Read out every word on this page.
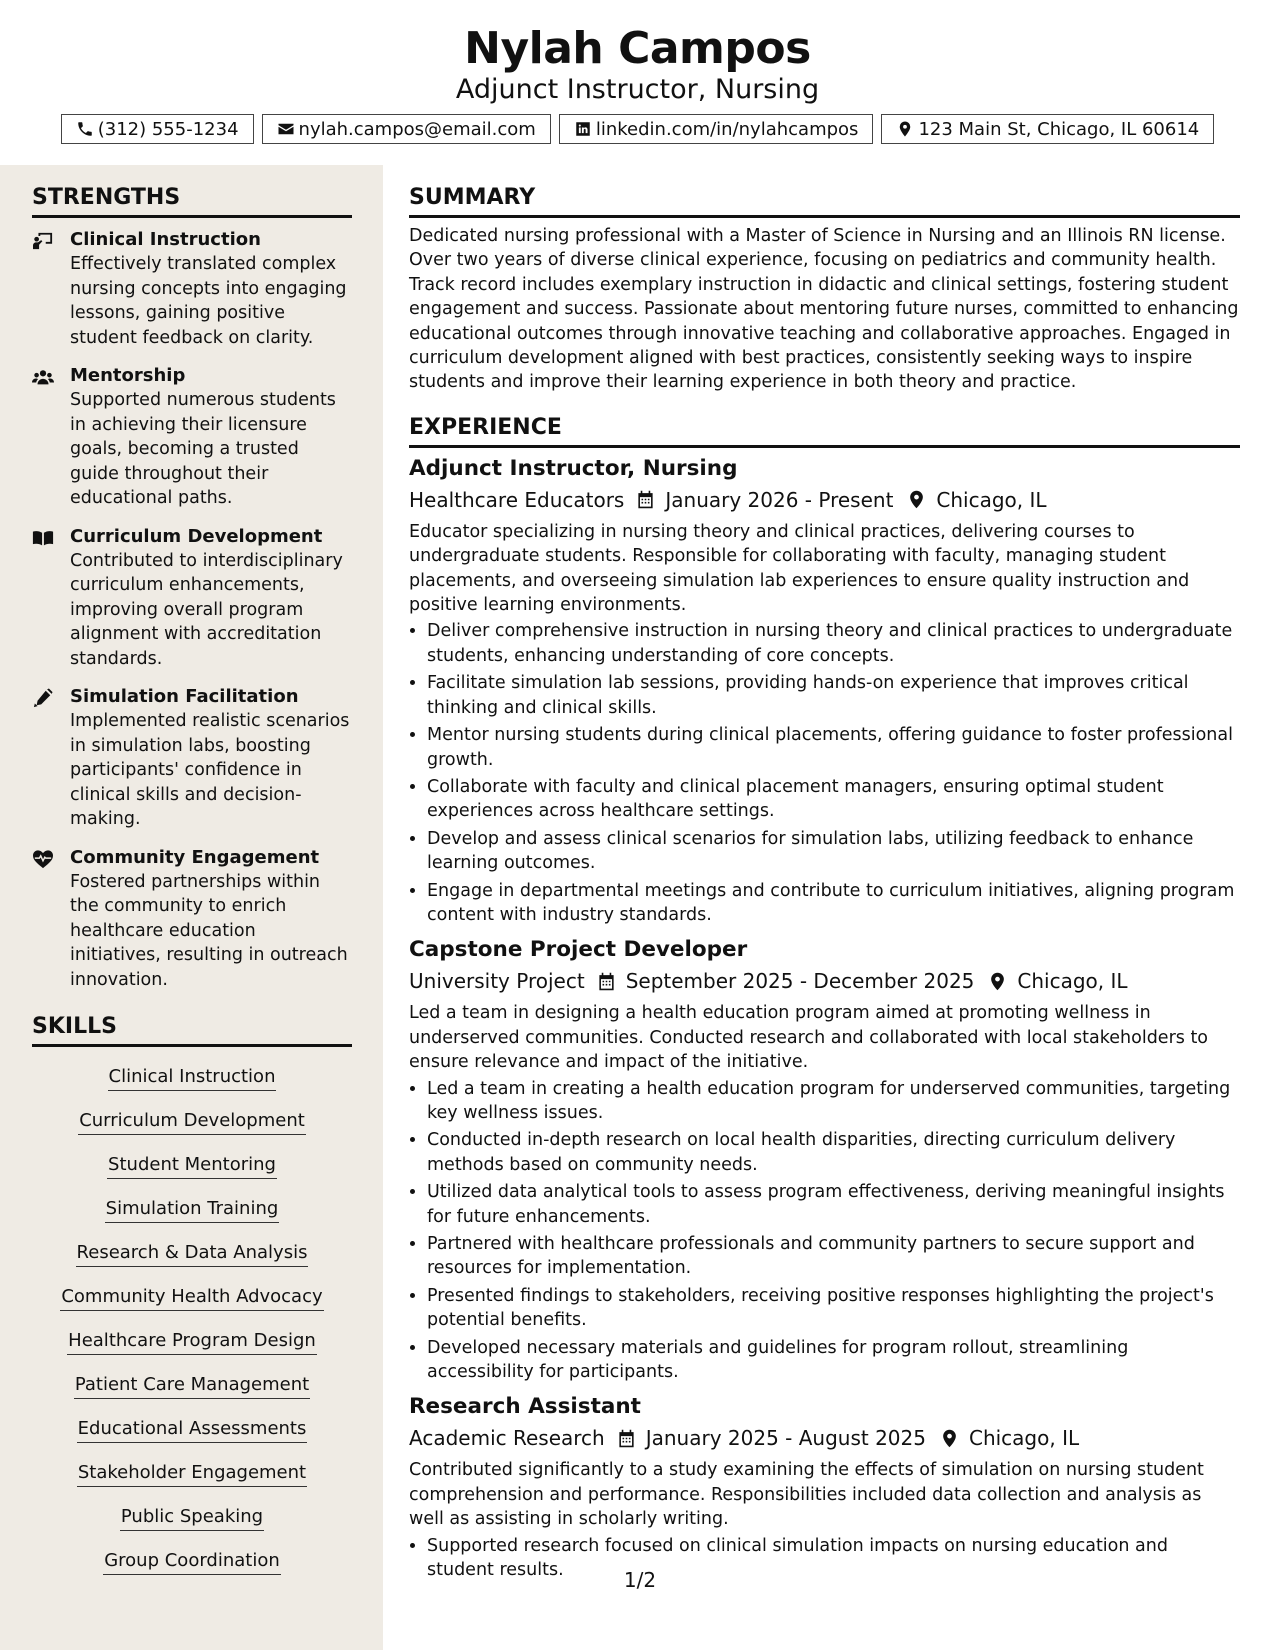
Nylah Campos
Adjunct Instructor, Nursing
(312) 555-1234	nylah.campos@email.com	linkedin.com/in/nylahcampos	123 Main St, Chicago, IL 60614
STRENGTHS
Clinical Instruction
Effectively translated complex nursing concepts into engaging lessons, gaining positive student feedback on clarity.
Mentorship
Supported numerous students in achieving their licensure goals, becoming a trusted guide throughout their educational paths.
Curriculum Development
Contributed to interdisciplinary curriculum enhancements, improving overall program alignment with accreditation standards.
Simulation Facilitation
Implemented realistic scenarios in simulation labs, boosting participants' confidence in clinical skills and decision-making.
Community Engagement
Fostered partnerships within the community to enrich healthcare education initiatives, resulting in outreach innovation.
SKILLS
Clinical Instruction
Curriculum Development
Student Mentoring
Simulation Training
Research & Data Analysis
Community Health Advocacy
Healthcare Program Design
Patient Care Management
Educational Assessments
Stakeholder Engagement
Public Speaking
Group Coordination
SUMMARY
Dedicated nursing professional with a Master of Science in Nursing and an Illinois RN license. Over two years of diverse clinical experience, focusing on pediatrics and community health. Track record includes exemplary instruction in didactic and clinical settings, fostering student engagement and success. Passionate about mentoring future nurses, committed to enhancing educational outcomes through innovative teaching and collaborative approaches. Engaged in curriculum development aligned with best practices, consistently seeking ways to inspire students and improve their learning experience in both theory and practice.
EXPERIENCE
Adjunct Instructor, Nursing
Healthcare Educators January 2026 - Present Chicago, IL
Educator specializing in nursing theory and clinical practices, delivering courses to undergraduate students. Responsible for collaborating with faculty, managing student placements, and overseeing simulation lab experiences to ensure quality instruction and positive learning environments.
• Deliver comprehensive instruction in nursing theory and clinical practices to undergraduate students, enhancing understanding of core concepts.
• Facilitate simulation lab sessions, providing hands-on experience that improves critical thinking and clinical skills.
• Mentor nursing students during clinical placements, offering guidance to foster professional growth.
• Collaborate with faculty and clinical placement managers, ensuring optimal student experiences across healthcare settings.
• Develop and assess clinical scenarios for simulation labs, utilizing feedback to enhance learning outcomes.
• Engage in departmental meetings and contribute to curriculum initiatives, aligning program content with industry standards.
Capstone Project Developer
University Project September 2025 - December 2025 Chicago, IL
Led a team in designing a health education program aimed at promoting wellness in underserved communities. Conducted research and collaborated with local stakeholders to ensure relevance and impact of the initiative.
• Led a team in creating a health education program for underserved communities, targeting key wellness issues.
• Conducted in-depth research on local health disparities, directing curriculum delivery methods based on community needs.
• Utilized data analytical tools to assess program effectiveness, deriving meaningful insights for future enhancements.
• Partnered with healthcare professionals and community partners to secure support and resources for implementation.
• Presented findings to stakeholders, receiving positive responses highlighting the project's potential benefits.
• Developed necessary materials and guidelines for program rollout, streamlining accessibility for participants.
Research Assistant
Academic Research January 2025 - August 2025 Chicago, IL
Contributed significantly to a study examining the effects of simulation on nursing student comprehension and performance. Responsibilities included data collection and analysis as well as assisting in scholarly writing.
• Supported research focused on clinical simulation impacts on nursing education and student results.	1/2
